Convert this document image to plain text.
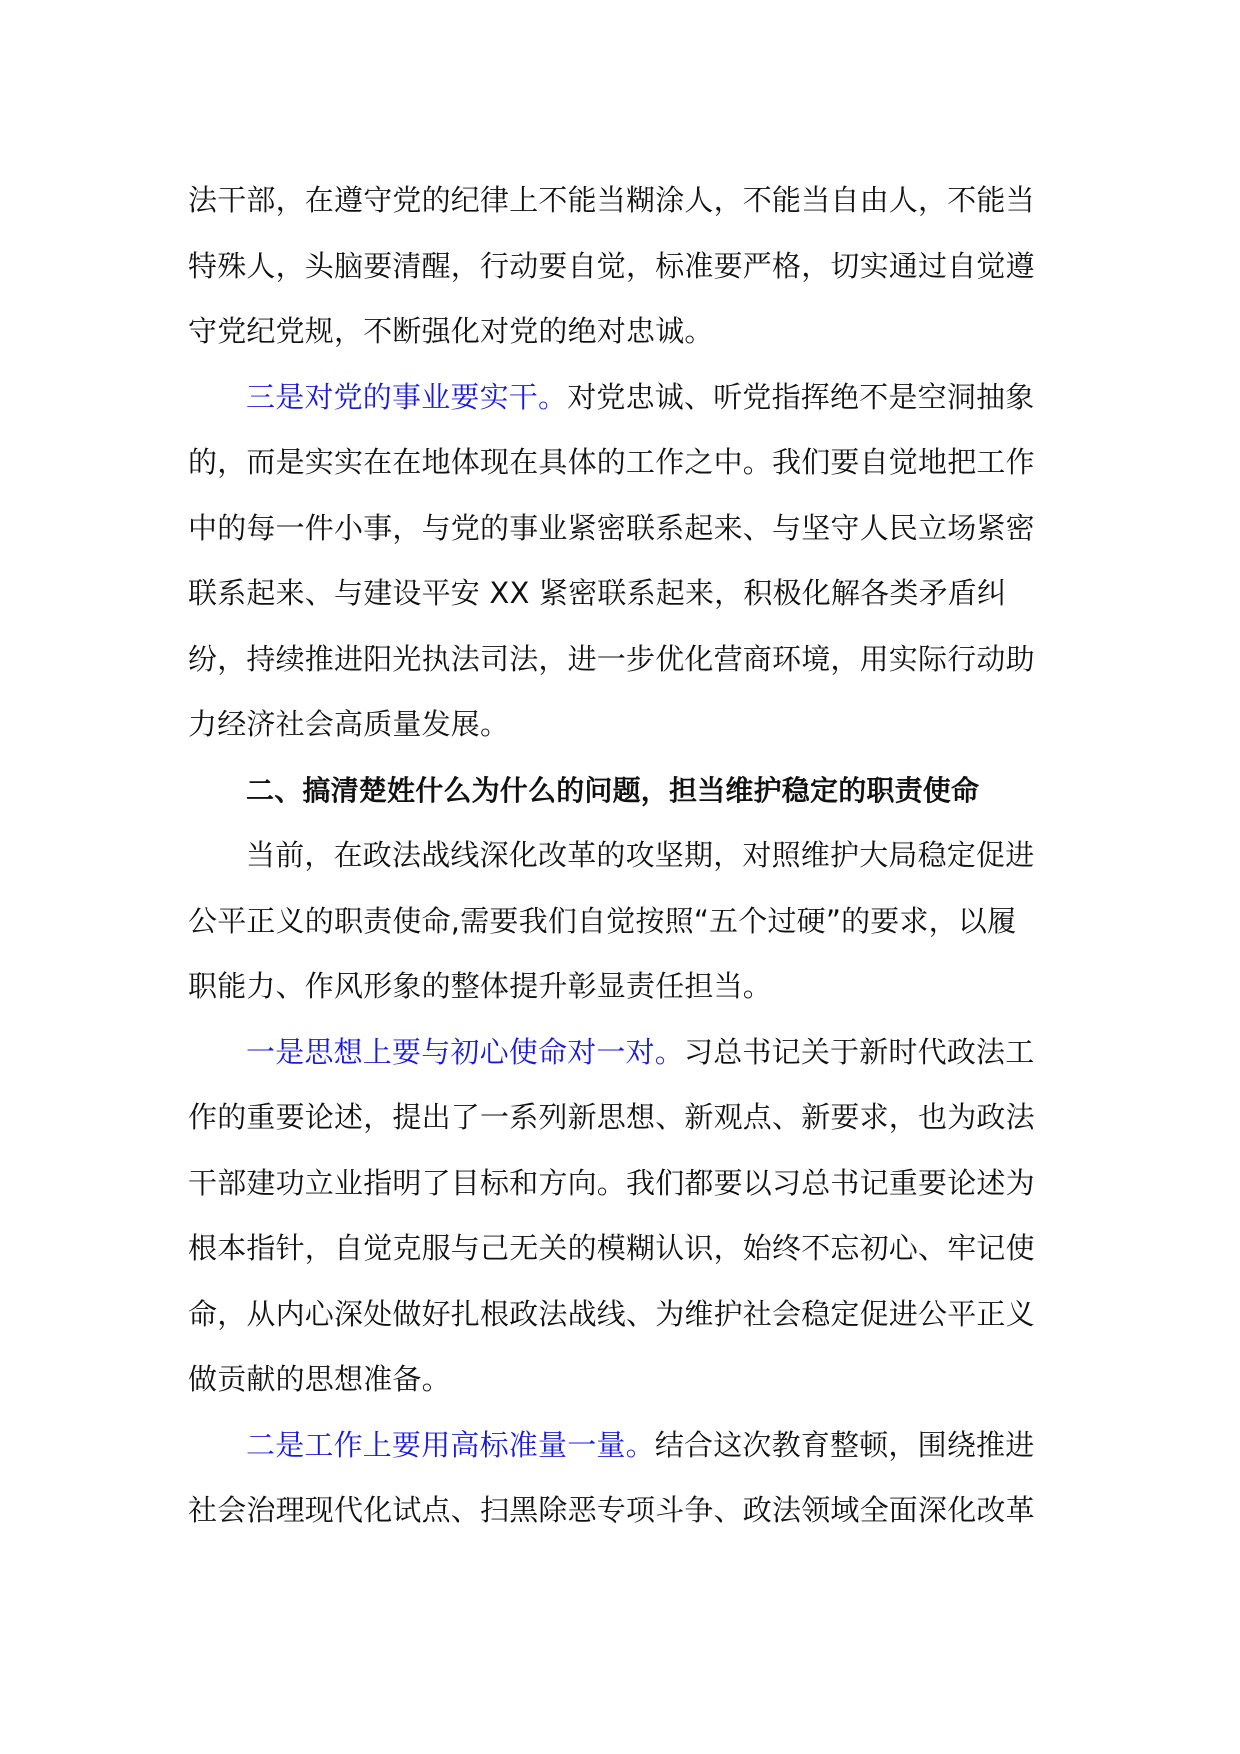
法干部，在遵守党的纪律上不能当糊涂人，不能当自由人，不能当
特殊人，头脑要清醒，行动要自觉，标准要严格，切实通过自觉遵
守党纪党规，不断强化对党的绝对忠诚。
三是对党的事业要实干。对党忠诚、听党指挥绝不是空洞抽象
的，而是实实在在地体现在具体的工作之中。我们要自觉地把工作
中的每一件小事，与党的事业紧密联系起来、与坚守人民立场紧密
联系起来、与建设平安 XX 紧密联系起来，积极化解各类矛盾纠
纷，持续推进阳光执法司法，进一步优化营商环境，用实际行动助
力经济社会高质量发展。
二、搞清楚姓什么为什么的问题，担当维护稳定的职责使命
当前，在政法战线深化改革的攻坚期，对照维护大局稳定促进
公平正义的职责使命,需要我们自觉按照“五个过硬”的要求，以履
职能力、作风形象的整体提升彰显责任担当。
一是思想上要与初心使命对一对。习总书记关于新时代政法工
作的重要论述，提出了一系列新思想、新观点、新要求，也为政法
干部建功立业指明了目标和方向。我们都要以习总书记重要论述为
根本指针，自觉克服与己无关的模糊认识，始终不忘初心、牢记使
命，从内心深处做好扎根政法战线、为维护社会稳定促进公平正义
做贡献的思想准备。
二是工作上要用高标准量一量。结合这次教育整顿，围绕推进
社会治理现代化试点、扫黑除恶专项斗争、政法领域全面深化改革
